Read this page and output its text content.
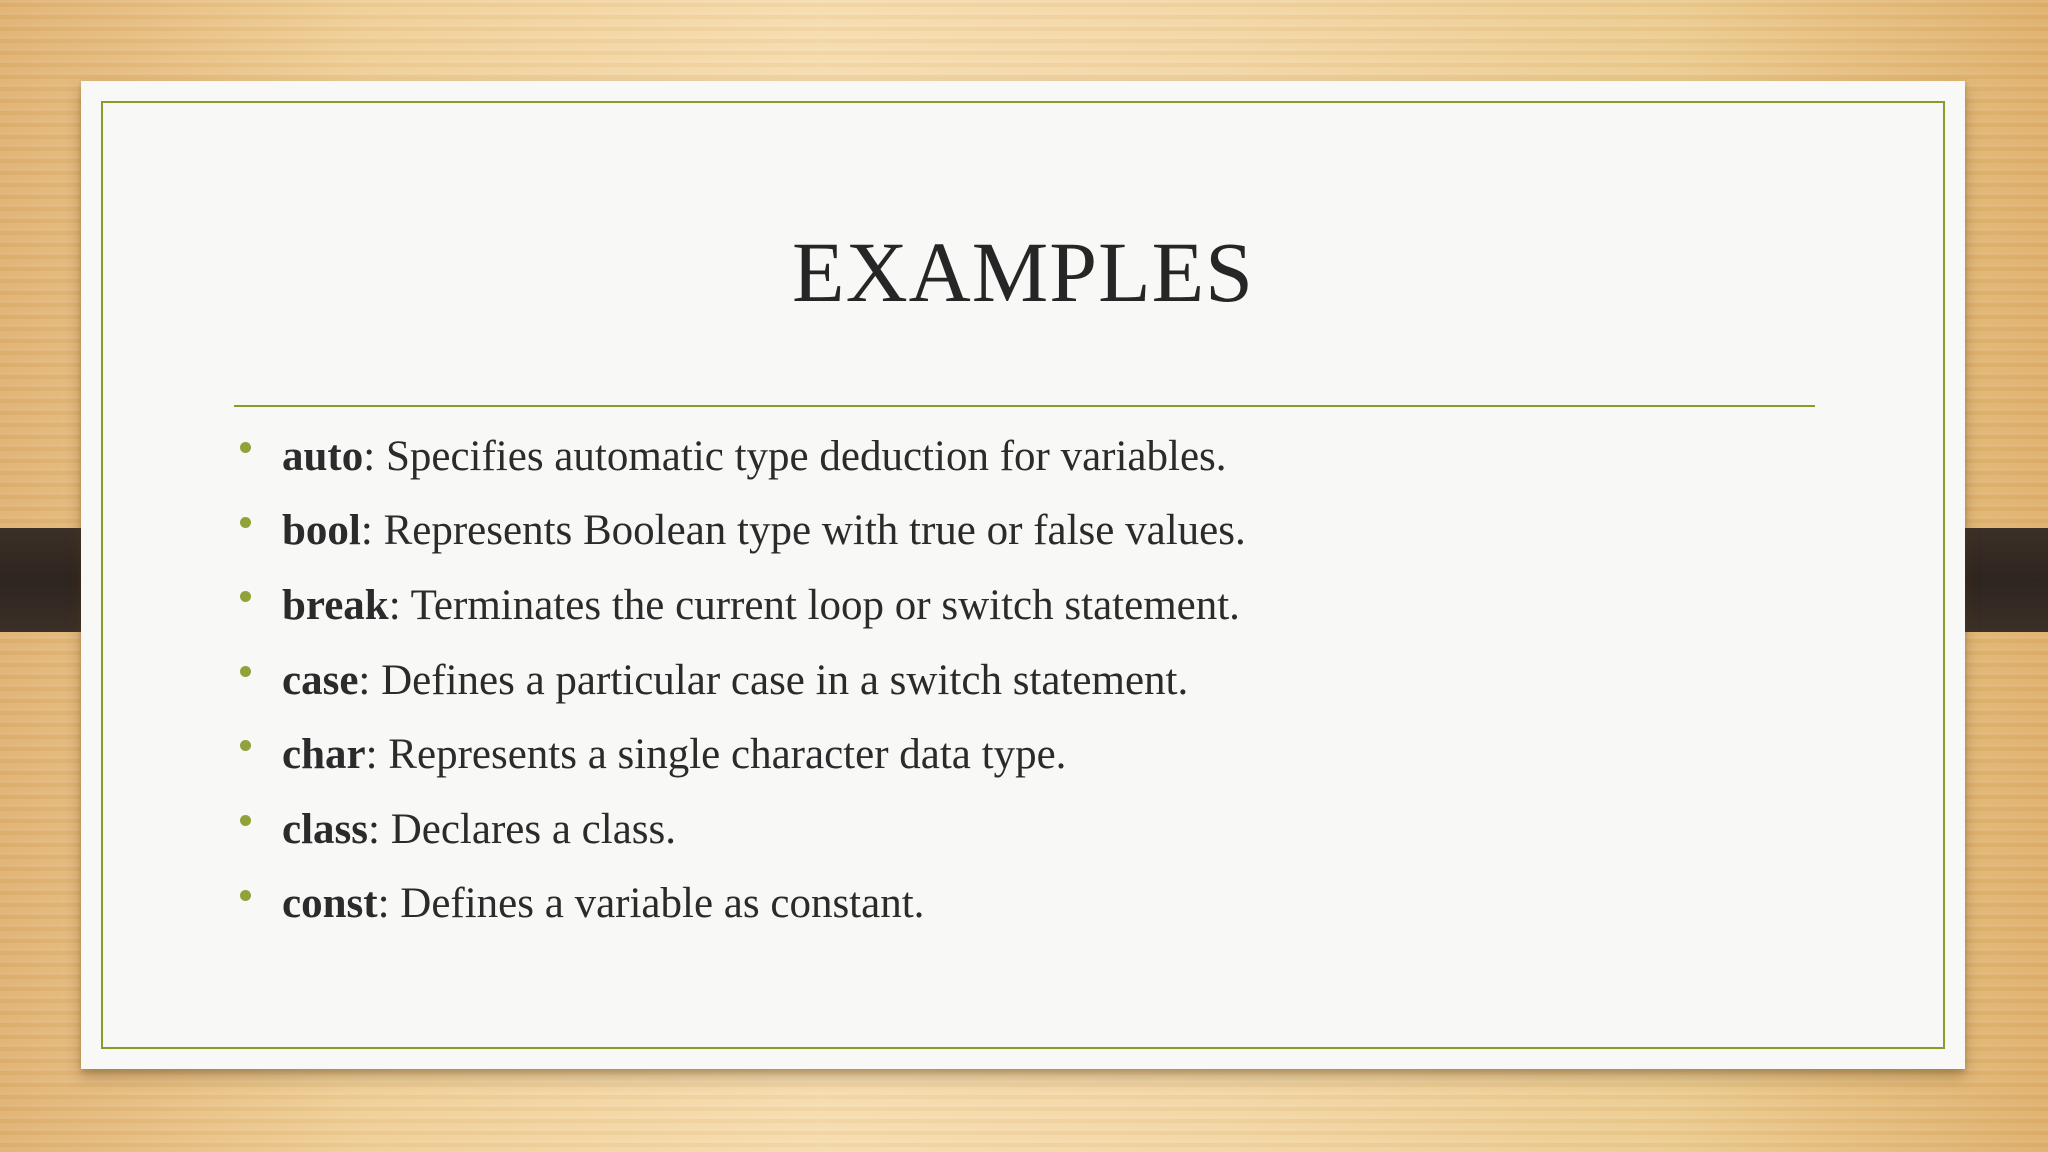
EXAMPLES
auto: Specifies automatic type deduction for variables.
bool: Represents Boolean type with true or false values.
break: Terminates the current loop or switch statement.
case: Defines a particular case in a switch statement.
char: Represents a single character data type.
class: Declares a class.
const: Defines a variable as constant.
